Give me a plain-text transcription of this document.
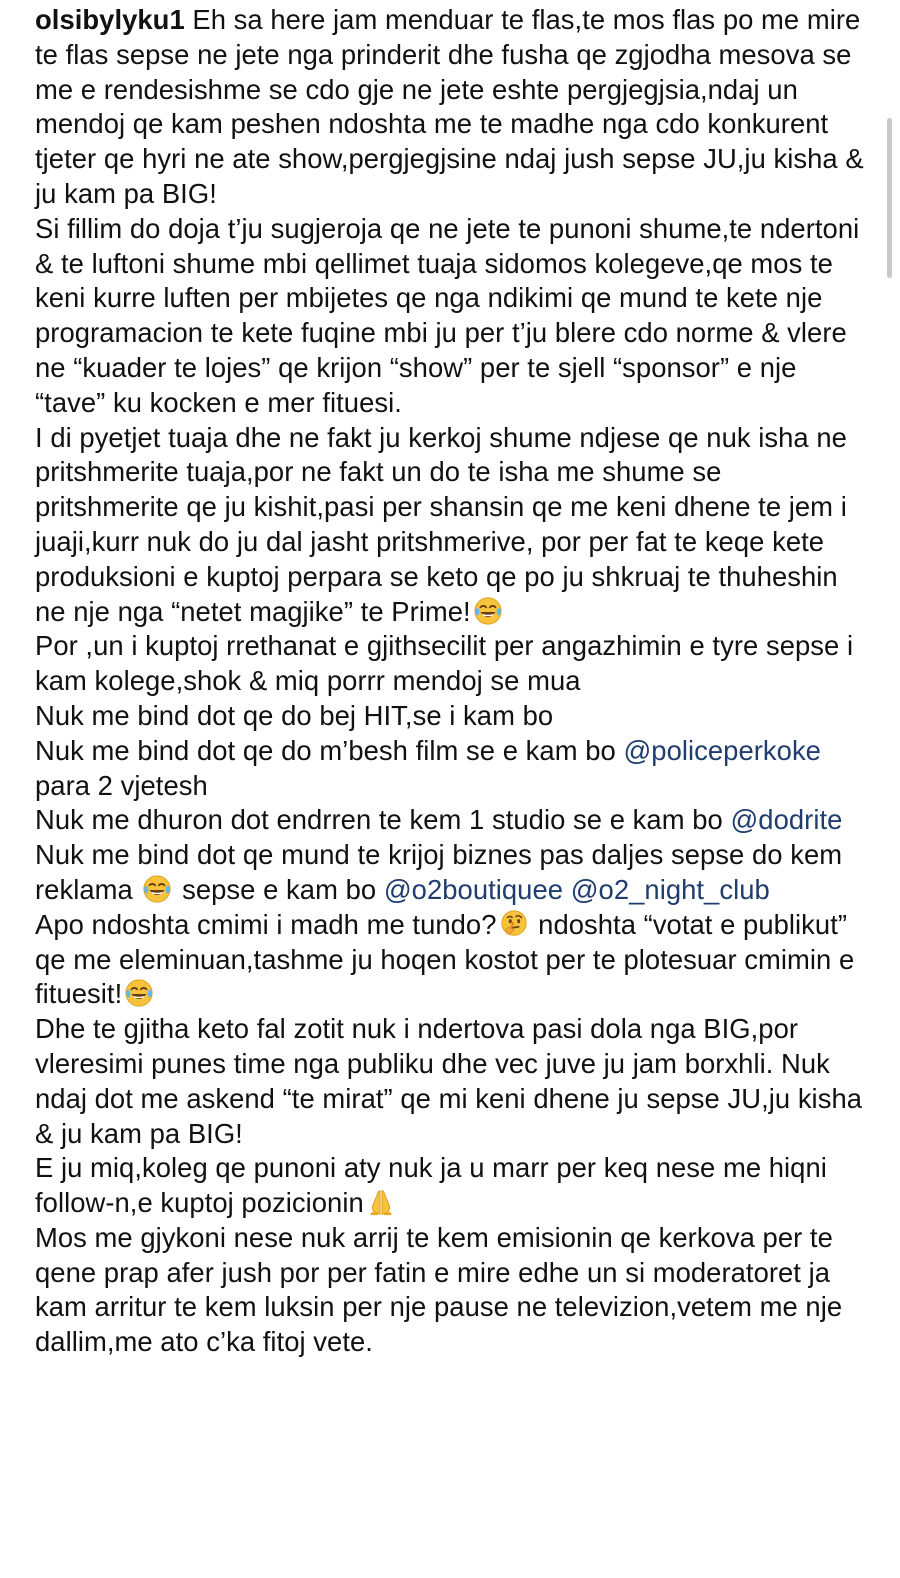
olsibylyku1 Eh sa here jam menduar te flas,te mos flas po me mire te flas sepse ne jete nga prinderit dhe fusha qe zgjodha mesova se me e rendesishme se cdo gje ne jete eshte pergjegjsia,ndaj un mendoj qe kam peshen ndoshta me te madhe nga cdo konkurent tjeter qe hyri ne ate show,pergjegjsine ndaj jush sepse JU,ju kisha & ju kam pa BIG!

Si fillim do doja t’ju sugjeroja qe ne jete te punoni shume,te ndertoni & te luftoni shume mbi qellimet tuaja sidomos kolegeve,qe mos te keni kurre luften per mbijetes qe nga ndikimi qe mund te kete nje programacion te kete fuqine mbi ju per t’ju blere cdo norme & vlere ne “kuader te lojes” qe krijon “show” per te sjell “sponsor” e nje “tave” ku kocken e mer fituesi.

I di pyetjet tuaja dhe ne fakt ju kerkoj shume ndjese qe nuk isha ne pritshmerite tuaja,por ne fakt un do te isha me shume se pritshmerite qe ju kishit,pasi per shansin qe me keni dhene te jem i juaji,kurr nuk do ju dal jasht pritshmerive, por per fat te keqe kete produksioni e kuptoj perpara se keto qe po ju shkruaj te thuheshin ne nje nga “netet magjike” te Prime!

Por ,un i kuptoj rrethanat e gjithsecilit per angazhimin e tyre sepse i kam kolege,shok & miq porrr mendoj se mua

Nuk me bind dot qe do bej HIT,se i kam bo

Nuk me bind dot qe do m’besh film se e kam bo @policeperkoke para 2 vjetesh

Nuk me dhuron dot endrren te kem 1 studio se e kam bo @dodrite

Nuk me bind dot qe mund te krijoj biznes pas daljes sepse do kem reklama
sepse e kam bo @o2boutiquee @o2_night_club

Apo ndoshta cmimi i madh me tundo?
ndoshta “votat e publikut” qe me eleminuan,tashme ju hoqen kostot per te plotesuar cmimin e fituesit!

Dhe te gjitha keto fal zotit nuk i ndertova pasi dola nga BIG,por vleresimi punes time nga publiku dhe vec juve ju jam borxhli. Nuk ndaj dot me askend “te mirat” qe mi keni dhene ju sepse JU,ju kisha & ju kam pa BIG!

E ju miq,koleg qe punoni aty nuk ja u marr per keq nese me hiqni follow-n,e kuptoj pozicionin

Mos me gjykoni nese nuk arrij te kem emisionin qe kerkova per te qene prap afer jush por per fatin e mire edhe un si moderatoret ja kam arritur te kem luksin per nje pause ne televizion,vetem me nje dallim,me ato c’ka fitoj vete.
